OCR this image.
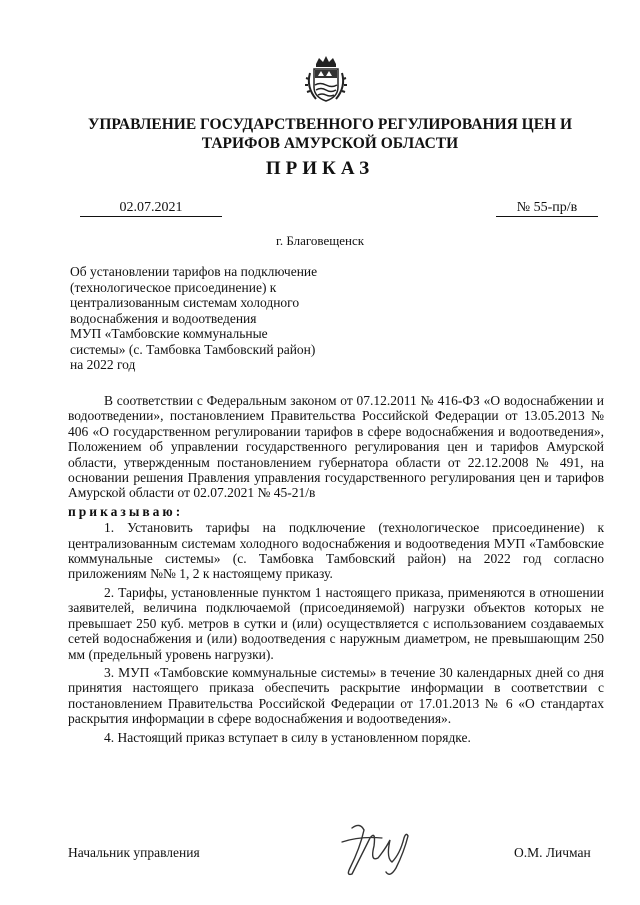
УПРАВЛЕНИЕ ГОСУДАРСТВЕННОГО РЕГУЛИРОВАНИЯ ЦЕН И
ТАРИФОВ АМУРСКОЙ ОБЛАСТИ
ПРИКАЗ
02.07.2021	№ 55-пр/в
г. Благовещенск
Об установлении тарифов на подключение
(технологическое присоединение) к
централизованным системам холодного
водоснабжения и водоотведения
МУП «Тамбовские коммунальные
системы» (с. Тамбовка Тамбовский район)
на 2022 год

В соответствии с Федеральным законом от 07.12.2011 № 416-ФЗ «О водоснабжении и водоотведении», постановлением Правительства Российской Федерации от 13.05.2013 № 406 «О государственном регулировании тарифов в сфере водоснабжения и водоотведения», Положением об управлении государственного регулирования цен и тарифов Амурской области, утвержденным постановлением губернатора области от 22.12.2008 № 491, на основании решения Правления управления государственного регулирования цен и тарифов Амурской области от 02.07.2021 № 45-21/в

приказываю:

1. Установить тарифы на подключение (технологическое присоединение) к централизованным системам холодного водоснабжения и водоотведения МУП «Тамбовские коммунальные системы» (с. Тамбовка Тамбовский район) на 2022 год согласно приложениям №№ 1, 2 к настоящему приказу.

2. Тарифы, установленные пунктом 1 настоящего приказа, применяются в отношении заявителей, величина подключаемой (присоединяемой) нагрузки объектов которых не превышает 250 куб. метров в сутки и (или) осуществляется с использованием создаваемых сетей водоснабжения и (или) водоотведения с наружным диаметром, не превышающим 250 мм (предельный уровень нагрузки).

3. МУП «Тамбовские коммунальные системы» в течение 30 календарных дней со дня принятия настоящего приказа обеспечить раскрытие информации в соответствии с постановлением Правительства Российской Федерации от 17.01.2013 № 6 «О стандартах раскрытия информации в сфере водоснабжения и водоотведения».

4. Настоящий приказ вступает в силу в установленном порядке.

Начальник управления	О.М. Личман
